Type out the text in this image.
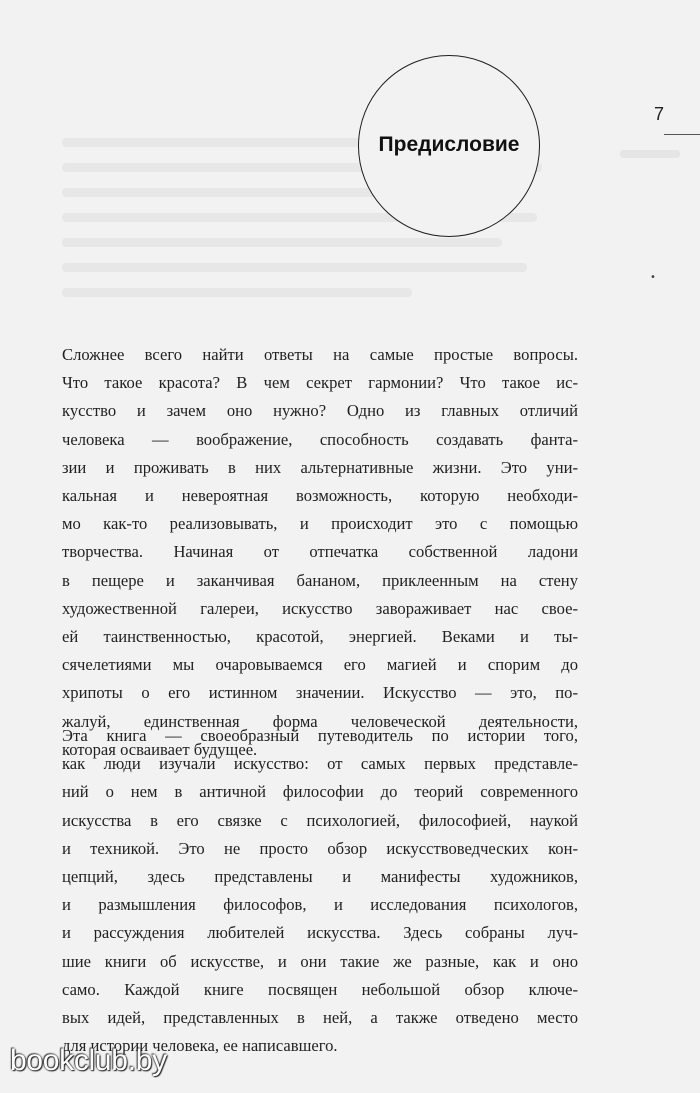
7
•
Предисловие
Сложнее всего найти ответы на самые простые вопросы.
Что такое красота? В чем секрет гармонии? Что такое ис-
кусство и зачем оно нужно? Одно из главных отличий
человека — воображение, способность создавать фанта-
зии и проживать в них альтернативные жизни. Это уни-
кальная и невероятная возможность, которую необходи-
мо как-то реализовывать, и происходит это с помощью
творчества. Начиная от отпечатка собственной ладони
в пещере и заканчивая бананом, приклеенным на стену
художественной галереи, искусство завораживает нас свое-
ей таинственностью, красотой, энергией. Веками и ты-
сячелетиями мы очаровываемся его магией и спорим до
хрипоты о его истинном значении. Искусство — это, по-
жалуй, единственная форма человеческой деятельности,
которая осваивает будущее.
Эта книга — своеобразный путеводитель по истории того,
как люди изучали искусство: от самых первых представле-
ний о нем в античной философии до теорий современного
искусства в его связке с психологией, философией, наукой
и техникой. Это не просто обзор искусствоведческих кон-
цепций, здесь представлены и манифесты художников,
и размышления философов, и исследования психологов,
и рассуждения любителей искусства. Здесь собраны луч-
шие книги об искусстве, и они такие же разные, как и оно
само. Каждой книге посвящен небольшой обзор ключе-
вых идей, представленных в ней, а также отведено место
для истории человека, ее написавшего.
bookclub.by
